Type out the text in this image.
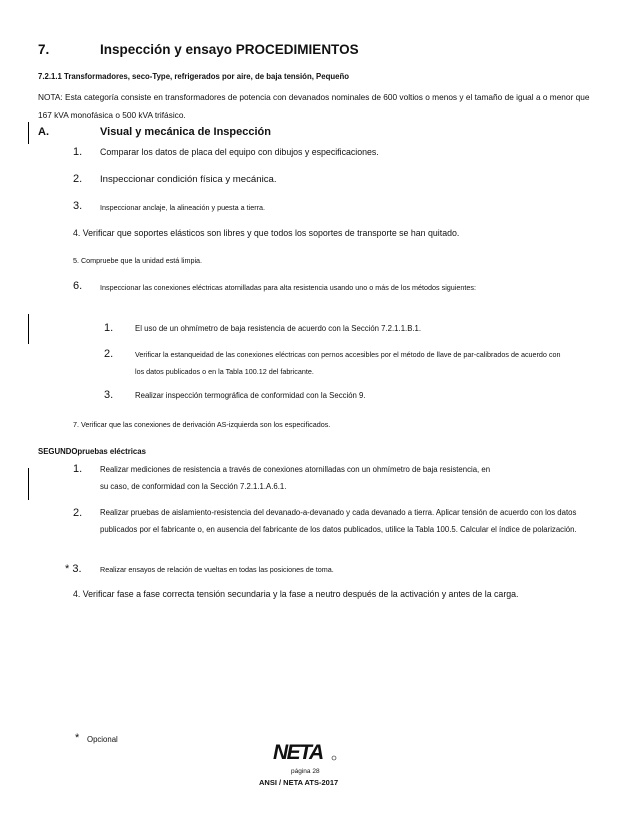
7.	Inspección y ensayo PROCEDIMIENTOS
7.2.1.1 Transformadores, seco-Type, refrigerados por aire, de baja tensión, Pequeño
NOTA: Esta categoría consiste en transformadores de potencia con devanados nominales de 600 voltios o menos y el tamaño de igual a o menor que 167 kVA monofásica o 500 kVA trifásico.
A.	Visual y mecánica de Inspección
1. Comparar los datos de placa del equipo con dibujos y especificaciones.
2. Inspeccionar condición física y mecánica.
3. Inspeccionar anclaje, la alineación y puesta a tierra.
4. Verificar que soportes elásticos son libres y que todos los soportes de transporte se han quitado.
5. Compruebe que la unidad está limpia.
6. Inspeccionar las conexiones eléctricas atornilladas para alta resistencia usando uno o más de los métodos siguientes:
1.	El uso de un ohmímetro de baja resistencia de acuerdo con la Sección 7.2.1.1.B.1.
2.	Verificar la estanqueidad de las conexiones eléctricas con pernos accesibles por el método de llave de par-calibrados de acuerdo con los datos publicados o en la Tabla 100.12 del fabricante.
3.	Realizar inspección termográfica de conformidad con la Sección 9.
7. Verificar que las conexiones de derivación AS-izquierda son los especificados.
SEGUNDOpruebas eléctricas
1. Realizar mediciones de resistencia a través de conexiones atornilladas con un ohmímetro de baja resistencia, en su caso, de conformidad con la Sección 7.2.1.1.A.6.1.
2. Realizar pruebas de aislamiento-resistencia del devanado-a-devanado y cada devanado a tierra. Aplicar tensión de acuerdo con los datos publicados por el fabricante o, en ausencia del fabricante de los datos publicados, utilice la Tabla 100.5. Calcular el índice de polarización.
* 3.	Realizar ensayos de relación de vueltas en todas las posiciones de toma.
4. Verificar fase a fase correcta tensión secundaria y la fase a neutro después de la activación y antes de la carga.
* Opcional
NETA
página 28
ANSI / NETA ATS-2017
